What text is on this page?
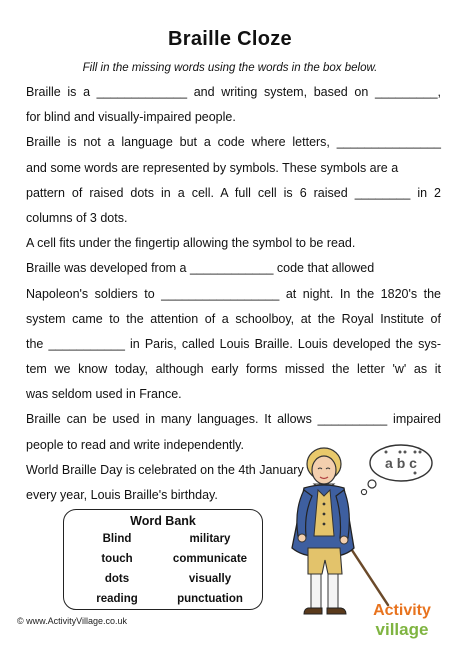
Braille Cloze
Fill in the missing words using the words in the box below.
Braille is a _____________ and writing system, based on _________,
for blind and visually-impaired people.
Braille is not a language but a code where letters, _______________
and some words are represented by symbols. These symbols are a
pattern of raised dots in a cell. A full cell is 6 raised ________ in 2
columns of 3 dots.
A cell fits under the fingertip allowing the symbol to be read.
Braille was developed from a ____________ code that allowed
Napoleon's soldiers to _________________ at night. In the 1820's the
system came to the attention of a schoolboy, at the Royal Institute of
the ___________ in Paris, called Louis Braille. Louis developed the sys-
tem we know today, although early forms missed the letter 'w' as it
was seldom used in France.
Braille can be used in many languages. It allows __________ impaired
people to read and write independently.
World Braille Day is celebrated on the 4th January
every year, Louis Braille's birthday.
Word Bank
Blind	military
touch	communicate
dots	visually
reading	punctuation
a b c
Activity
village
© www.ActivityVillage.co.uk
